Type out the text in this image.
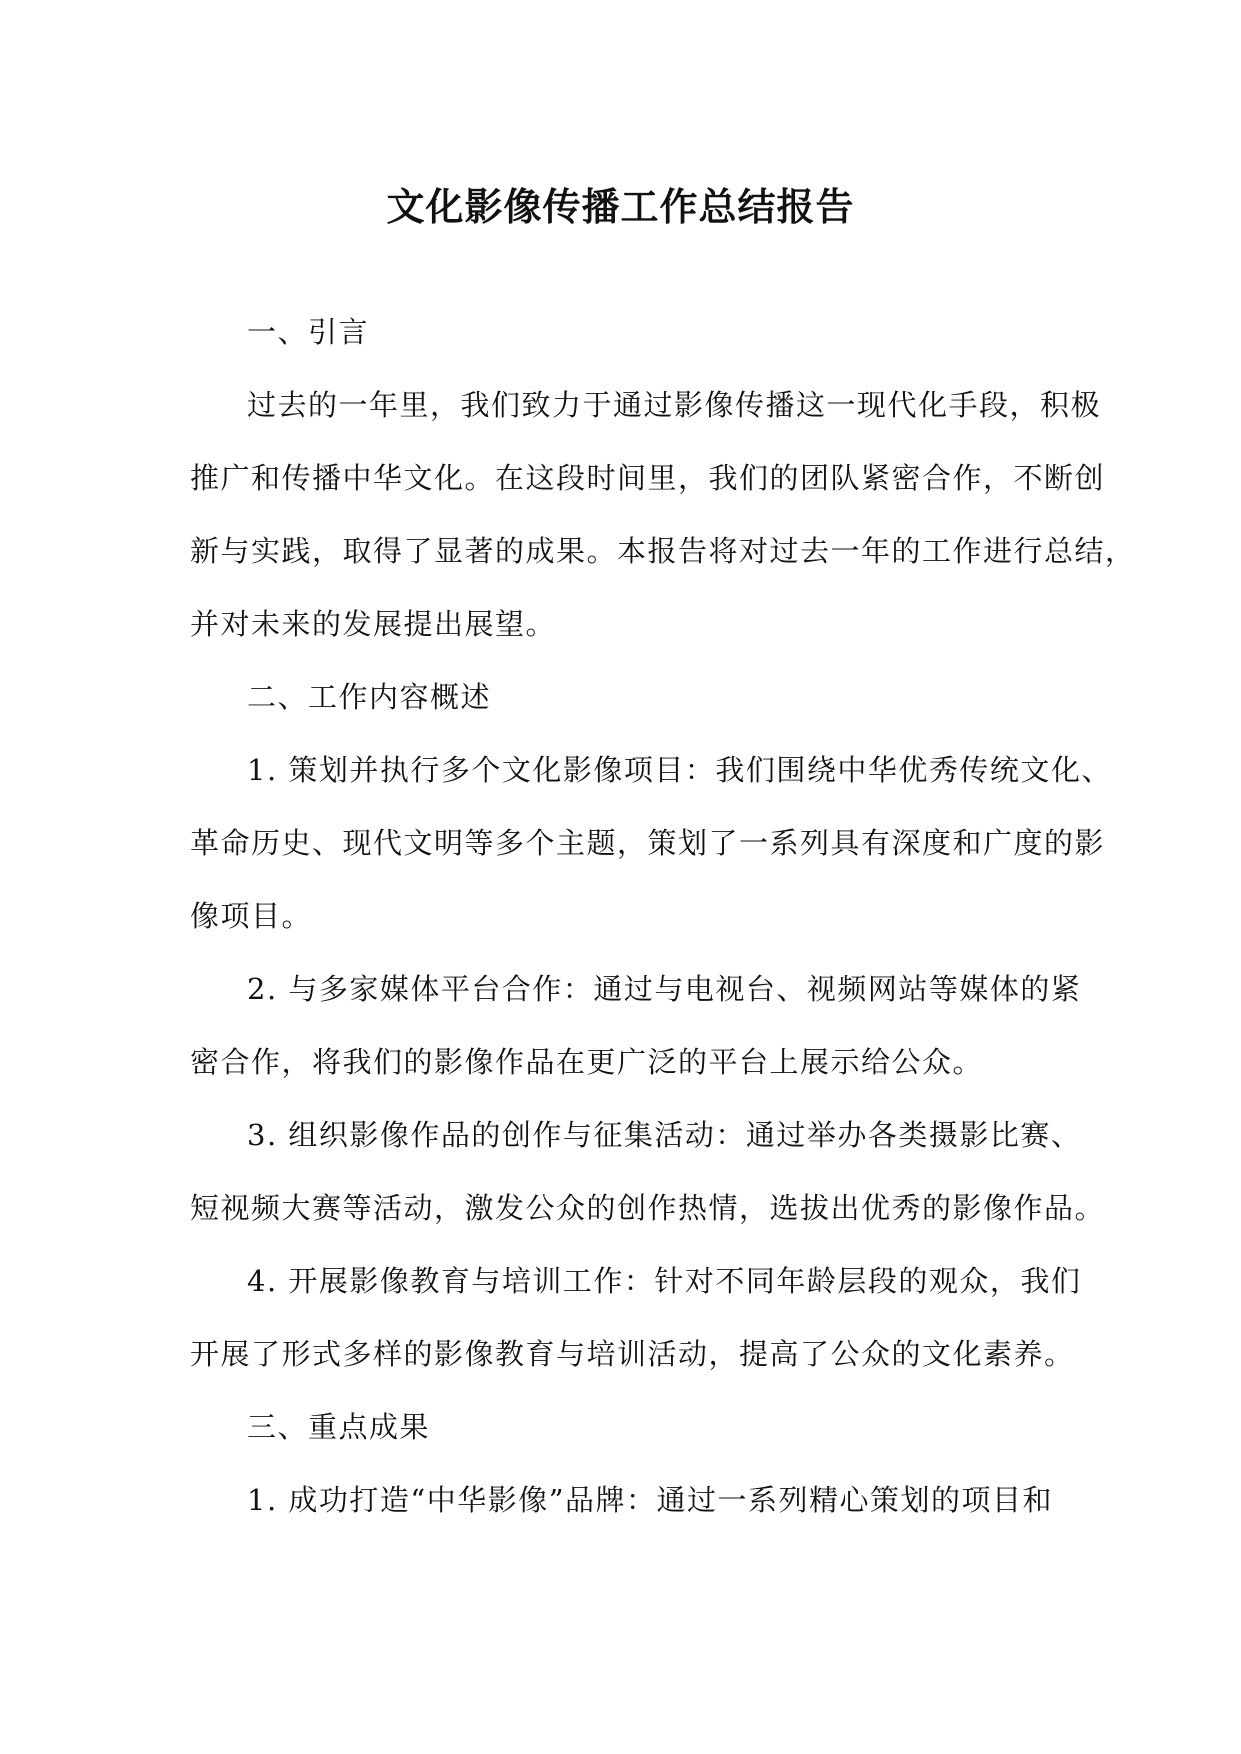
文化影像传播工作总结报告
一、引言
过去的一年里，我们致力于通过影像传播这一现代化手段，积极
推广和传播中华文化。在这段时间里，我们的团队紧密合作，不断创
新与实践，取得了显著的成果。本报告将对过去一年的工作进行总结，
并对未来的发展提出展望。
二、工作内容概述
1. 策划并执行多个文化影像项目：我们围绕中华优秀传统文化、
革命历史、现代文明等多个主题，策划了一系列具有深度和广度的影
像项目。
2. 与多家媒体平台合作：通过与电视台、视频网站等媒体的紧
密合作，将我们的影像作品在更广泛的平台上展示给公众。
3. 组织影像作品的创作与征集活动：通过举办各类摄影比赛、
短视频大赛等活动，激发公众的创作热情，选拔出优秀的影像作品。
4. 开展影像教育与培训工作：针对不同年龄层段的观众，我们
开展了形式多样的影像教育与培训活动，提高了公众的文化素养。
三、重点成果
1. 成功打造“中华影像”品牌：通过一系列精心策划的项目和
